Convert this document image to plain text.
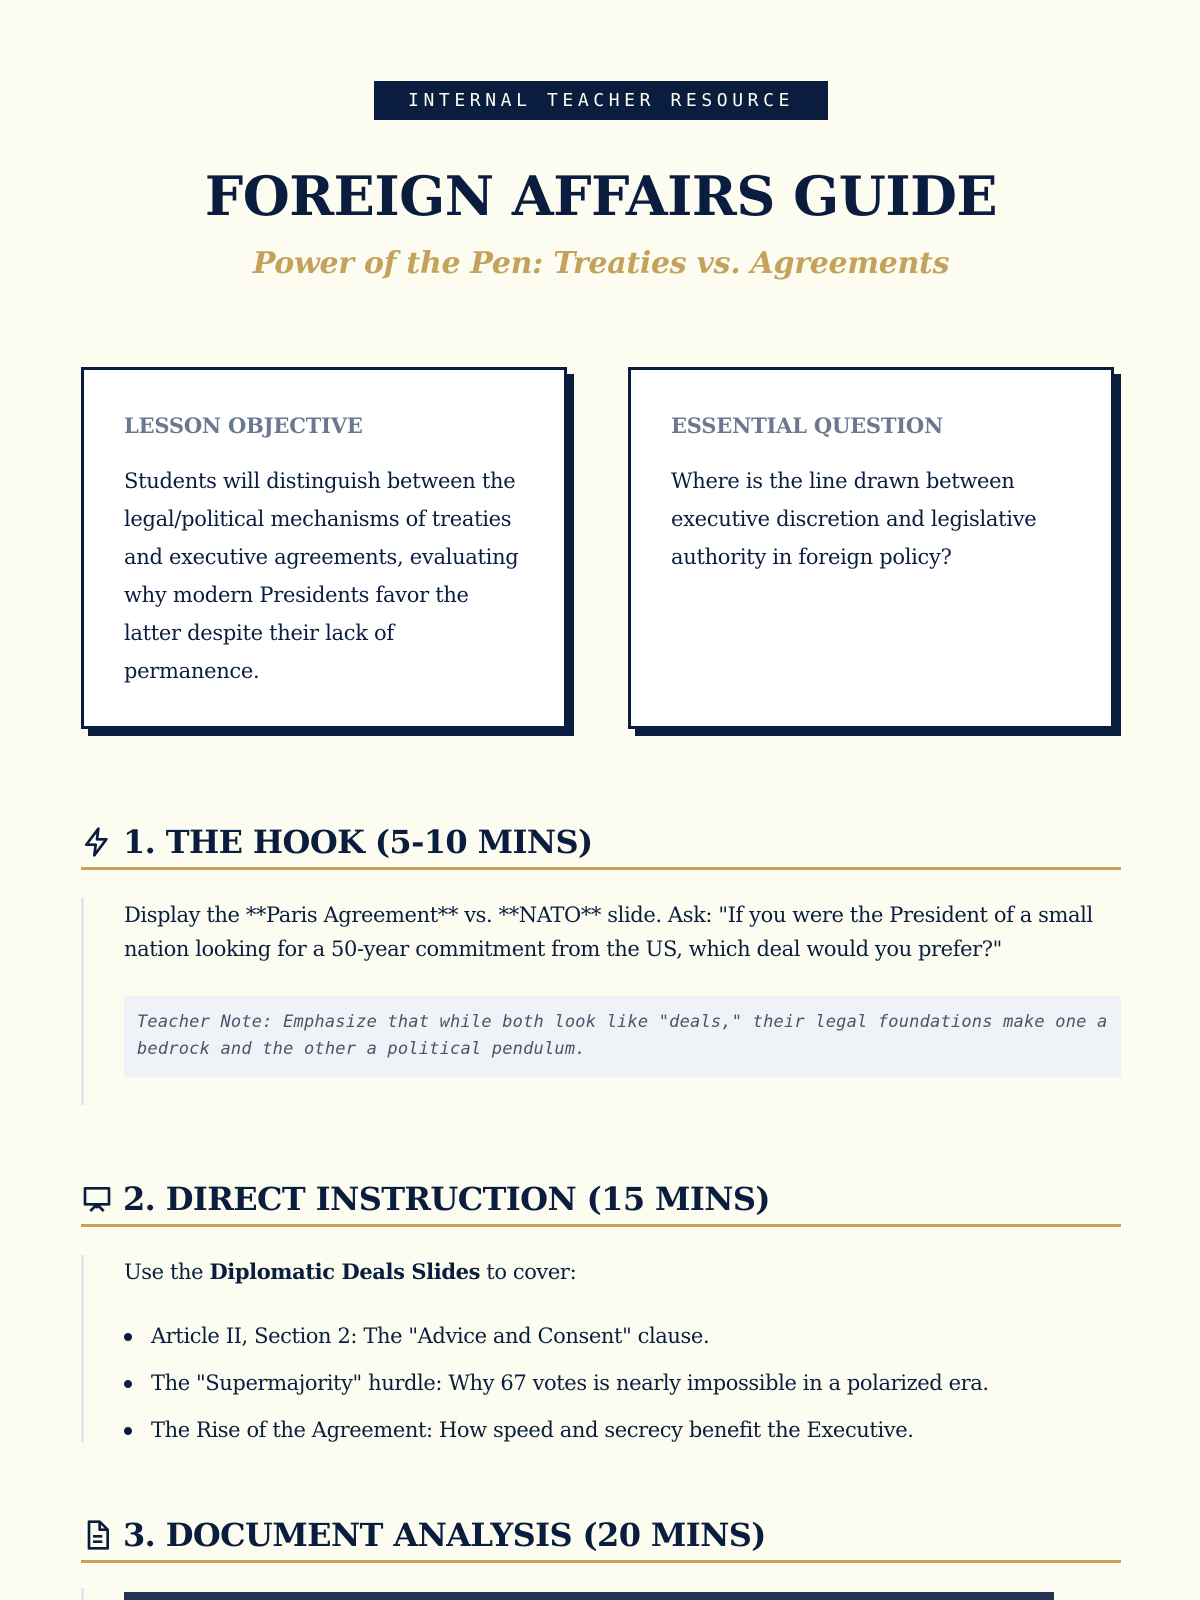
INTERNAL TEACHER RESOURCE
FOREIGN AFFAIRS GUIDE
Power of the Pen: Treaties vs. Agreements
LESSON OBJECTIVE

Students will distinguish between the legal/political mechanisms of treaties and executive agreements, evaluating why modern Presidents favor the latter despite their lack of permanence.

ESSENTIAL QUESTION

Where is the line drawn between executive discretion and legislative authority in foreign policy?

1. THE HOOK (5-10 MINS)

Display the **Paris Agreement** vs. **NATO** slide. Ask: "If you were the President of a small nation looking for a 50-year commitment from the US, which deal would you prefer?"

Teacher Note: Emphasize that while both look like "deals," their legal foundations make one a bedrock and the other a political pendulum.
2. DIRECT INSTRUCTION (15 MINS)

Use the Diplomatic Deals Slides to cover:

Article II, Section 2: The "Advice and Consent" clause.
The "Supermajority" hurdle: Why 67 votes is nearly impossible in a polarized era.
The Rise of the Agreement: How speed and secrecy benefit the Executive.
3. DOCUMENT ANALYSIS (20 MINS)
